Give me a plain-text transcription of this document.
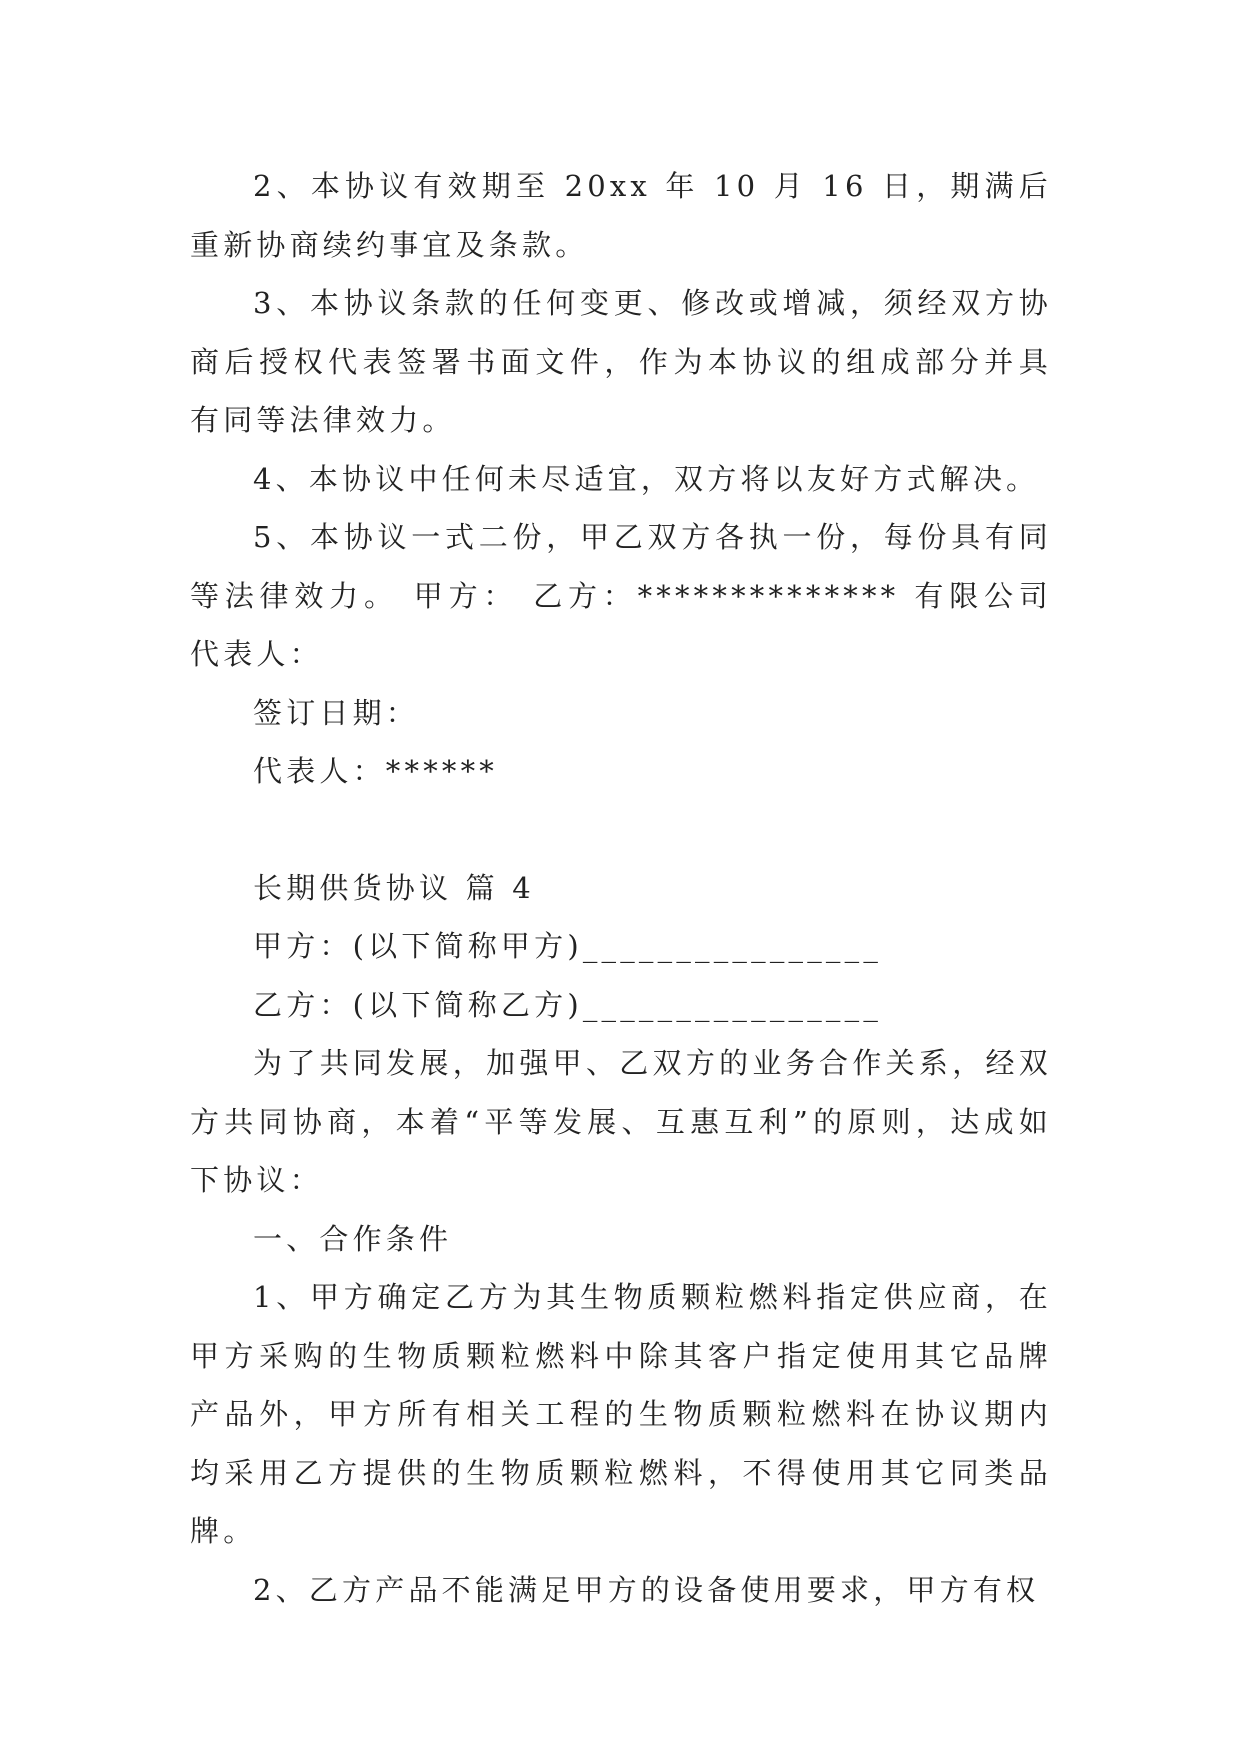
2、本协议有效期至 20xx 年 10 月 16 日，期满后重新协商续约事宜及条款。

3、本协议条款的任何变更、修改或增减，须经双方协商后授权代表签署书面文件，作为本协议的组成部分并具有同等法律效力。

4、本协议中任何未尽适宜，双方将以友好方式解决。

5、本协议一式二份，甲乙双方各执一份，每份具有同等法律效力。 甲方： 乙方：************** 有限公司 代表人：

签订日期：

代表人：******

长期供货协议 篇 4

甲方：(以下简称甲方)________________

乙方：(以下简称乙方)________________

为了共同发展，加强甲、乙双方的业务合作关系，经双方共同协商，本着“平等发展、互惠互利”的原则，达成如下协议：

一、合作条件

1、甲方确定乙方为其生物质颗粒燃料指定供应商，在甲方采购的生物质颗粒燃料中除其客户指定使用其它品牌产品外，甲方所有相关工程的生物质颗粒燃料在协议期内均采用乙方提供的生物质颗粒燃料，不得使用其它同类品牌。

2、乙方产品不能满足甲方的设备使用要求，甲方有权
